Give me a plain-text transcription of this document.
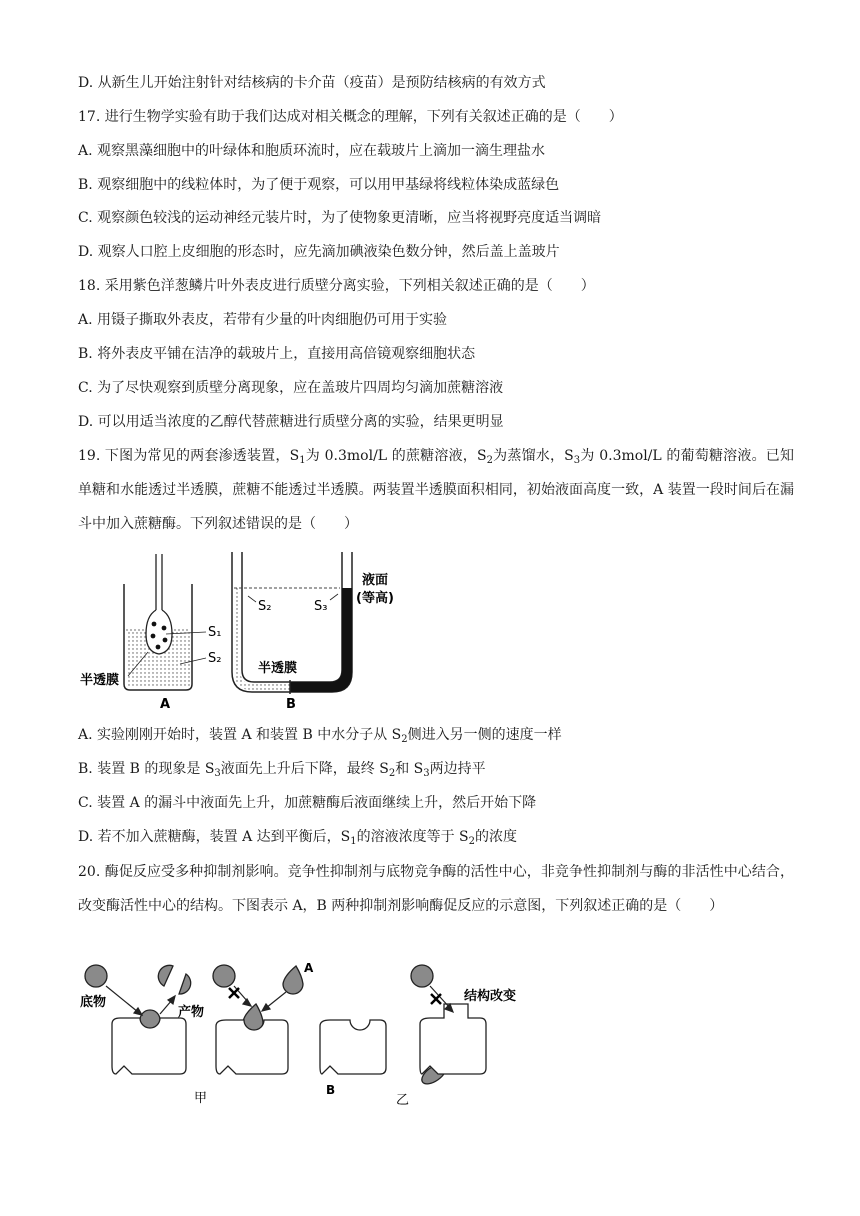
D. 从新生儿开始注射针对结核病的卡介苗（疫苗）是预防结核病的有效方式
17. 进行生物学实验有助于我们达成对相关概念的理解，下列有关叙述正确的是（　　）
A. 观察黑藻细胞中的叶绿体和胞质环流时，应在载玻片上滴加一滴生理盐水
B. 观察细胞中的线粒体时，为了便于观察，可以用甲基绿将线粒体染成蓝绿色
C. 观察颜色较浅的运动神经元装片时，为了使物象更清晰，应当将视野亮度适当调暗
D. 观察人口腔上皮细胞的形态时，应先滴加碘液染色数分钟，然后盖上盖玻片
18. 采用紫色洋葱鳞片叶外表皮进行质壁分离实验，下列相关叙述正确的是（　　）
A. 用镊子撕取外表皮，若带有少量的叶肉细胞仍可用于实验
B. 将外表皮平铺在洁净的载玻片上，直接用高倍镜观察细胞状态
C. 为了尽快观察到质壁分离现象，应在盖玻片四周均匀滴加蔗糖溶液
D. 可以用适当浓度的乙醇代替蔗糖进行质壁分离的实验，结果更明显
19. 下图为常见的两套渗透装置，$S_1$为 0.3mol/L 的蔗糖溶液，$S_2$为蒸馏水，$S_3$为 0.3mol/L 的葡萄糖溶液。已知单糖和水能透过半透膜，蔗糖不能透过半透膜。两装置半透膜面积相同，初始液面高度一致，A 装置一段时间后在漏斗中加入蔗糖酶。下列叙述错误的是（　　）
S₁
S₂
半透膜
A
S₂	S₃
液面
(等高)
半透膜
B
A. 实验刚刚开始时，装置 A 和装置 B 中水分子从 $S_2$侧进入另一侧的速度一样
B. 装置 B 的现象是 $S_3$液面先上升后下降，最终 $S_2$和 $S_3$两边持平
C. 装置 A 的漏斗中液面先上升，加蔗糖酶后液面继续上升，然后开始下降
D. 若不加入蔗糖酶，装置 A 达到平衡后，$S_1$的溶液浓度等于 $S_2$的浓度
20. 酶促反应受多种抑制剂影响。竞争性抑制剂与底物竞争酶的活性中心，非竞争性抑制剂与酶的非活性中心结合，改变酶活性中心的结构。下图表示 A，B 两种抑制剂影响酶促反应的示意图，下列叙述正确的是（　　）
底物
产物
A
B
结构改变
甲	乙
